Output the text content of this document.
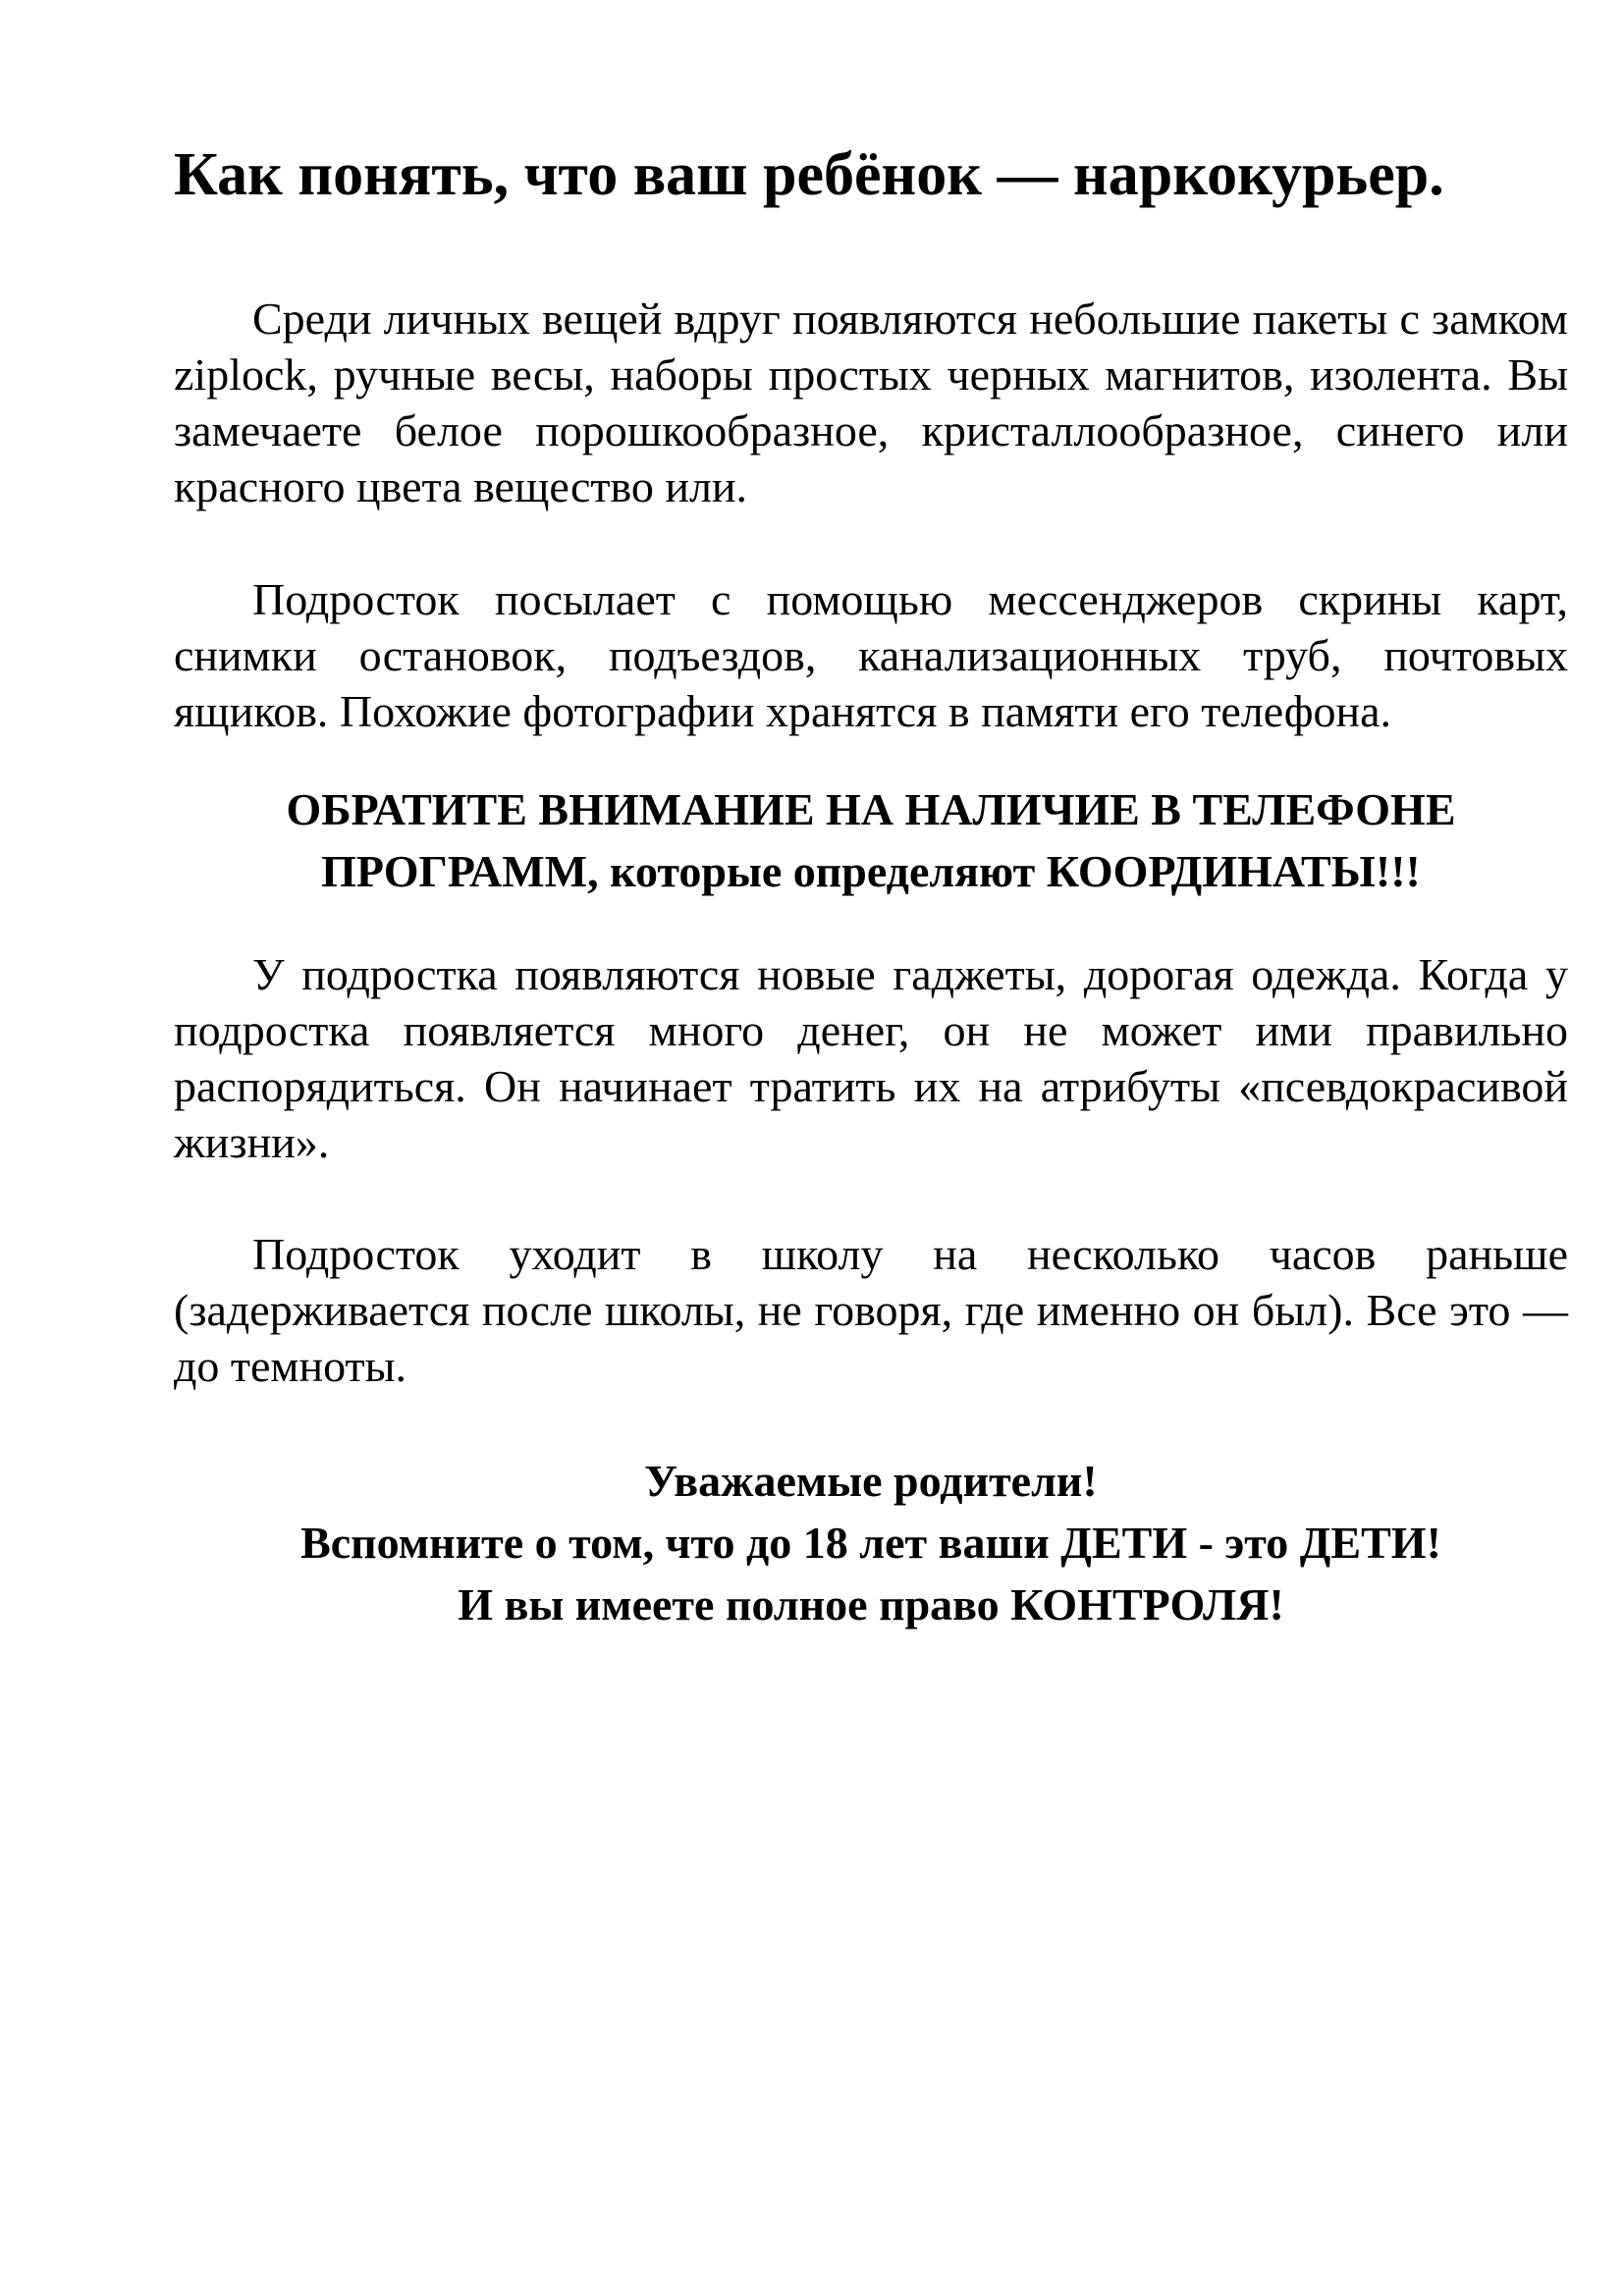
Как понять, что ваш ребёнок — наркокурьер.

Среди личных вещей вдруг появляются небольшие пакеты с замком ziplock, ручные весы, наборы простых черных магнитов, изолента. Вы замечаете белое порошкообразное, кристаллообразное, синего или красного цвета вещество или.

Подросток посылает с помощью мессенджеров скрины карт, снимки остановок, подъездов, канализационных труб, почтовых ящиков. Похожие фотографии хранятся в памяти его телефона.

ОБРАТИТЕ ВНИМАНИЕ НА НАЛИЧИЕ В ТЕЛЕФОНЕ
ПРОГРАММ, которые определяют КООРДИНАТЫ!!!

У подростка появляются новые гаджеты, дорогая одежда. Когда у подростка появляется много денег, он не может ими правильно распорядиться. Он начинает тратить их на атрибуты «псевдокрасивой жизни».

Подросток уходит в школу на несколько часов раньше (задерживается после школы, не говоря, где именно он был). Все это — до темноты.

Уважаемые родители!
Вспомните о том, что до 18 лет ваши ДЕТИ - это ДЕТИ!
И вы имеете полное право КОНТРОЛЯ!
